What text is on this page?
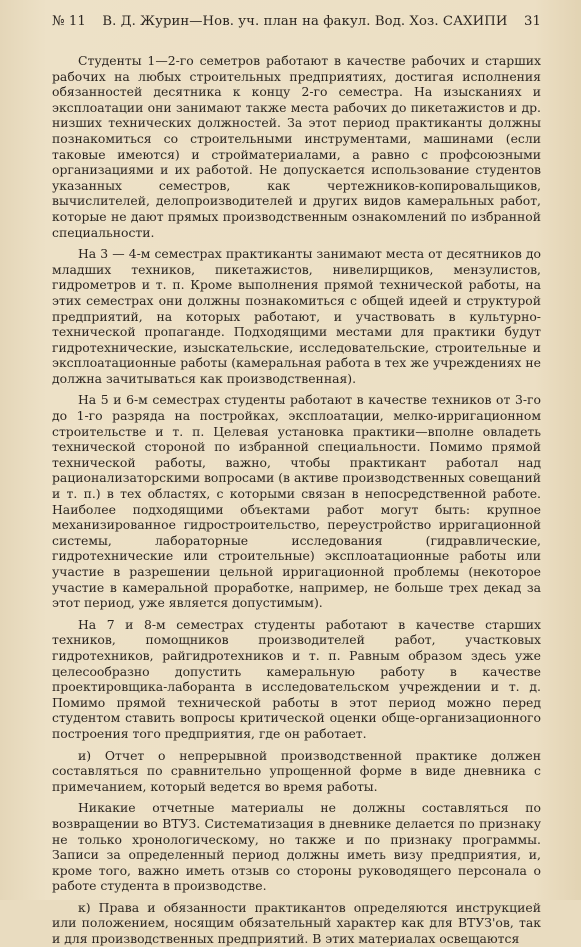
№ 11	В. Д. Журин—Нов. уч. план на факул. Вод. Хоз. САХИПИ	31

Студенты 1—2-го семетров работают в качестве рабочих и старших рабочих на любых строительных предприятиях, достигая исполнения обязанностей десятника к концу 2-го семестра. На изысканиях и эксплоатации они занимают также места рабочих до пикетажистов и др. низших технических должностей. За этот период практиканты должны познакомиться со строительными инструментами, машинами (если таковые имеются) и стройматериалами, а равно с профсоюзными организациями и их работой. Не допускается использование студентов указанных семестров, как чертежников-копировальщиков, вычислителей, делопроизводителей и других видов камеральных работ, которые не дают прямых производственным ознакомлений по избранной специальности.

На 3 — 4-м семестрах практиканты занимают места от десятников до младших техников, пикетажистов, нивелирщиков, мензулистов, гидрометров и т. п. Кроме выполнения прямой технической работы, на этих семестрах они должны познакомиться с общей идеей и структурой предприятий, на которых работают, и участвовать в культурно-технической пропаганде. Подходящими местами для практики будут гидротехнические, изыскательские, исследовательские, строительные и эксплоатационные работы (камеральная работа в тех же учреждениях не должна зачитываться как производственная).

На 5 и 6-м семестрах студенты работают в качестве техников от 3-го до 1-го разряда на постройках, эксплоатации, мелко-ирригационном строительстве и т. п. Целевая установка практики—вполне овладеть технической стороной по избранной специальности. Помимо прямой технической работы, важно, чтобы практикант работал над рационализаторскими вопросами (в активе производственных совещаний и т. п.) в тех областях, с которыми связан в непосредственной работе. Наиболее подходящими объектами работ могут быть: крупное механизированное гидростроительство, переустройство ирригационной системы, лабораторные исследования (гидравлические, гидротехнические или строительные) эксплоатационные работы или участие в разрешении цельной ирригационной проблемы (некоторое участие в камеральной проработке, например, не больше трех декад за этот период, уже является допустимым).

На 7 и 8-м семестрах студенты работают в качестве старших техников, помощников производителей работ, участковых гидротехников, райгидротехников и т. п. Равным образом здесь уже целесообразно допустить камеральную работу в качестве проектировщика-лаборанта в исследовательском учреждении и т. д. Помимо прямой технической работы в этот период можно перед студентом ставить вопросы критической оценки обще-организационного построения того предприятия, где он работает.

и) Отчет о непрерывной производственной практике должен составляться по сравнительно упрощенной форме в виде дневника с примечанием, который ведется во время работы.

Никакие отчетные материалы не должны составляться по возвращении во ВТУЗ. Систематизация в дневнике делается по признаку не только хронологическому, но также и по признаку программы. Записи за определенный период должны иметь визу предприятия, и, кроме того, важно иметь отзыв со стороны руководящего персонала о работе студента в производстве.

к) Права и обязанности практикантов определяются инструкцией или положением, носящим обязательный характер как для ВТУЗ'ов, так и для производственных предприятий. В этих материалах освещаются
